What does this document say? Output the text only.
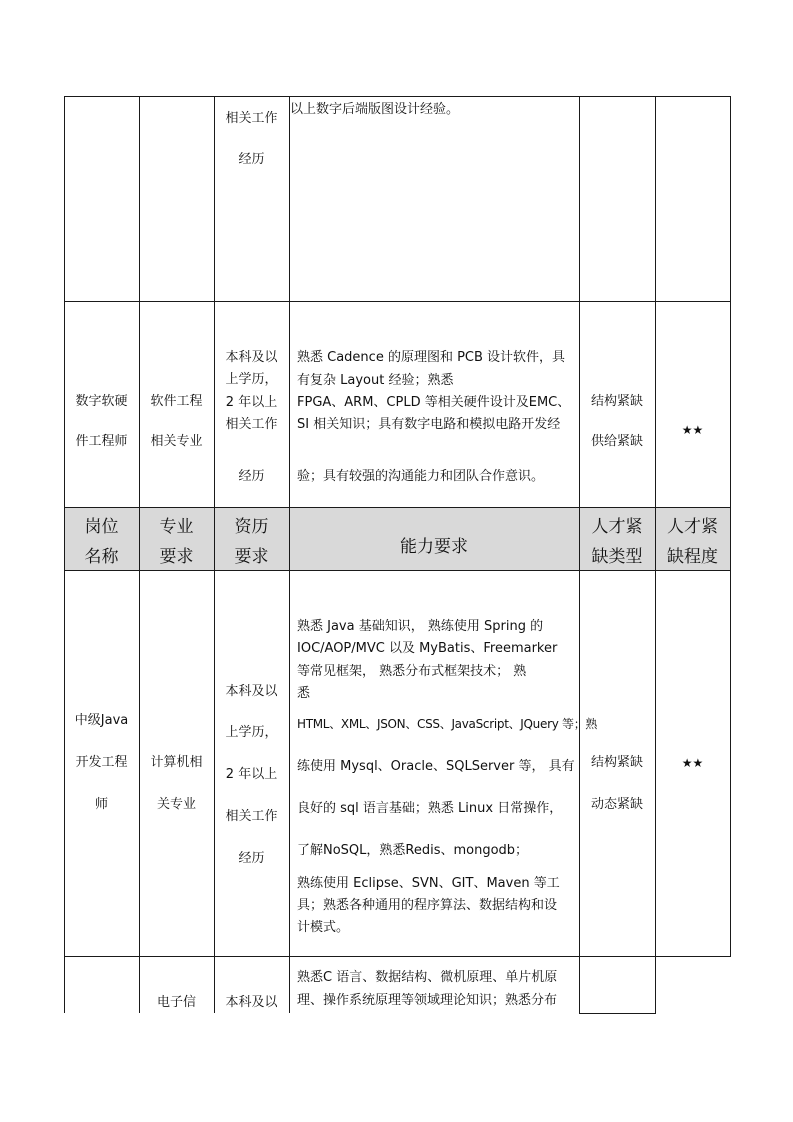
相关工作
经历
以上数字后端版图设计经验。
数字软硬
件工程师
软件工程
相关专业
本科及以
上学历，
2 年以上
相关工作
经历
熟悉 Cadence 的原理图和 PCB 设计软件，具
有复杂 Layout 经验；熟悉
FPGA、ARM、CPLD 等相关硬件设计及EMC、
SI 相关知识；具有数字电路和模拟电路开发经
验；具有较强的沟通能力和团队合作意识。
结构紧缺
供给紧缺
★★
岗位
名称
专业
要求
资历
要求	能力要求
人才紧
缺类型
人才紧
缺程度
中级Java
开发工程
师
计算机相
关专业
本科及以
上学历，
2 年以上
相关工作
经历
熟悉 Java 基础知识， 熟练使用 Spring 的
IOC/AOP/MVC 以及 MyBatis、Freemarker
等常见框架， 熟悉分布式框架技术； 熟
悉
HTML、XML、JSON、CSS、JavaScript、JQuery 等；熟
练使用 Mysql、Oracle、SQLServer 等， 具有
良好的 sql 语言基础；熟悉 Linux 日常操作，
了解NoSQL，熟悉Redis、mongodb；
熟练使用 Eclipse、SVN、GIT、Maven 等工
具；熟悉各种通用的程序算法、数据结构和设
计模式。
结构紧缺
动态紧缺
★★
电子信	本科及以
熟悉C 语言、数据结构、微机原理、单片机原
理、操作系统原理等领域理论知识；熟悉分布
